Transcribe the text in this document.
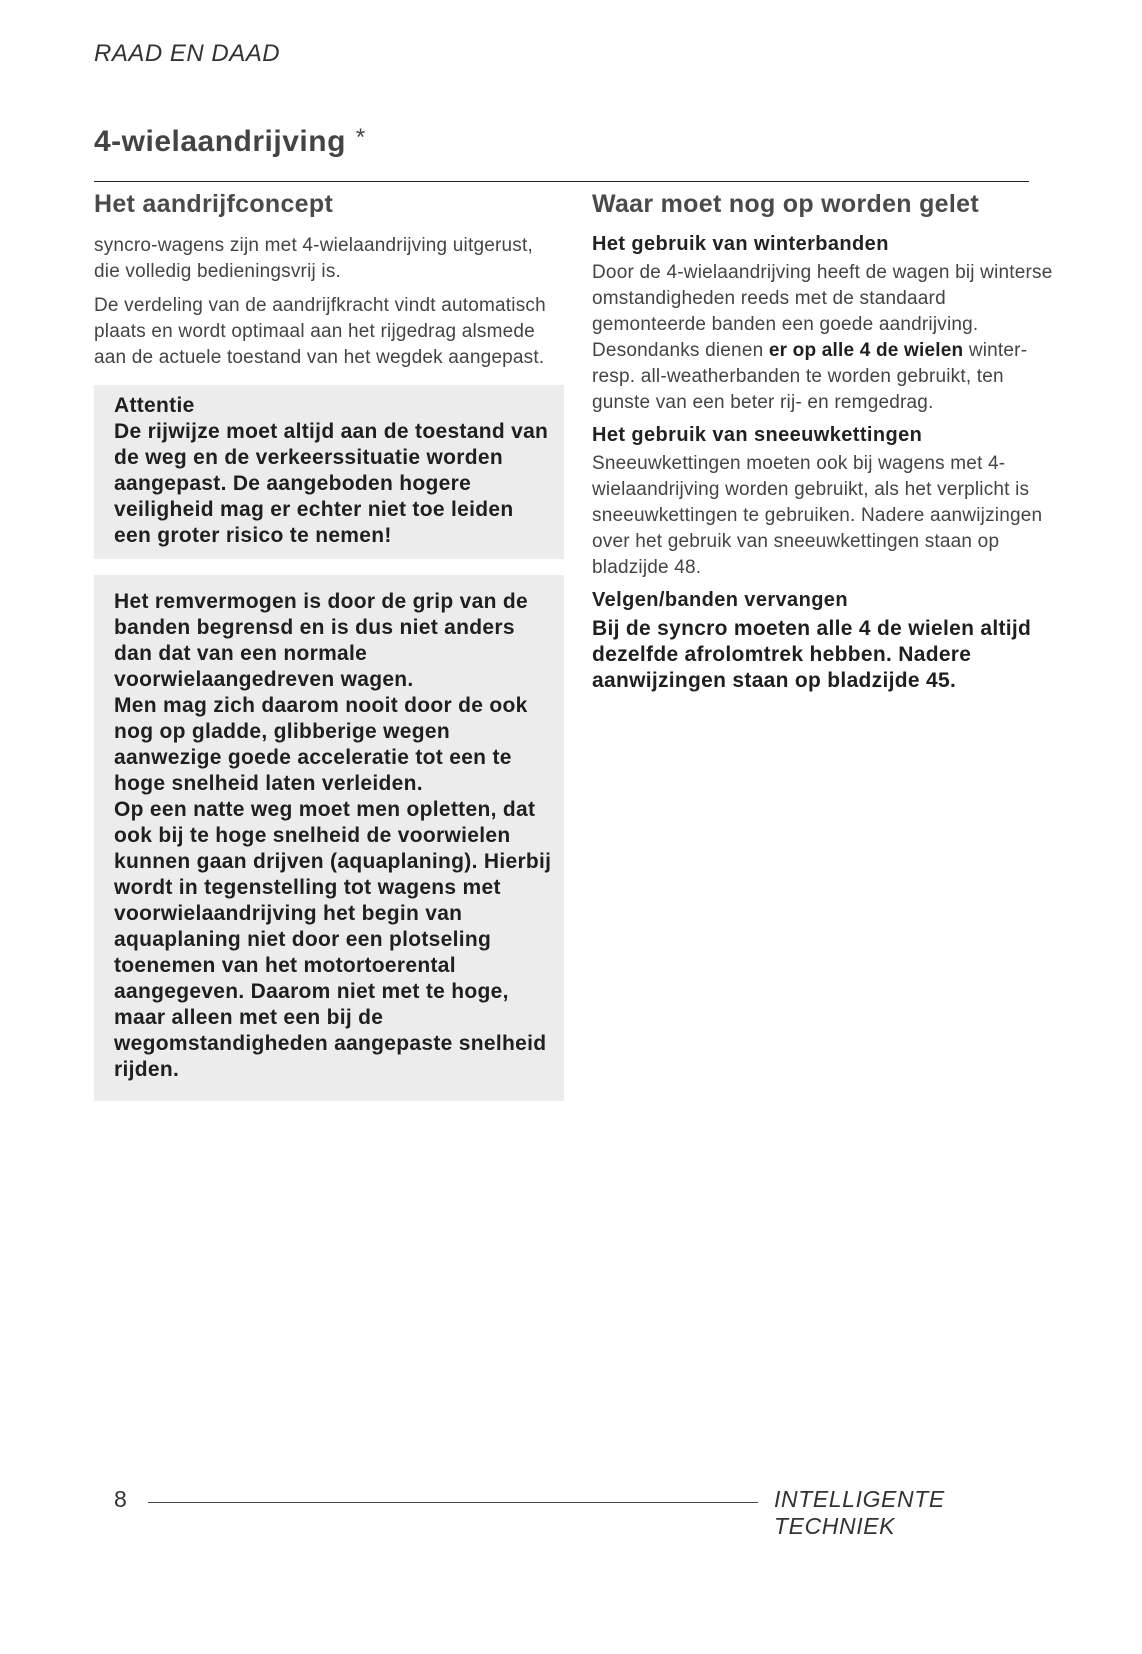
RAAD EN DAAD
4-wielaandrijving *
Het aandrijfconcept

syncro-wagens zijn met 4-wielaandrijving uitgerust, die volledig bedieningsvrij is.

De verdeling van de aandrijfkracht vindt automatisch plaats en wordt optimaal aan het rijgedrag alsmede aan de actuele toestand van het wegdek aangepast.

Attentie

De rijwijze moet altijd aan de toestand van de weg en de verkeerssituatie worden aangepast. De aangeboden hogere veiligheid mag er echter niet toe leiden een groter risico te nemen!

Het remvermogen is door de grip van de banden begrensd en is dus niet anders dan dat van een normale voorwielaangedreven wagen.

Men mag zich daarom nooit door de ook nog op gladde, glibberige wegen aanwezige goede acceleratie tot een te hoge snelheid laten verleiden.

Op een natte weg moet men opletten, dat ook bij te hoge snelheid de voorwielen kunnen gaan drijven (aquaplaning). Hierbij wordt in tegenstelling tot wagens met voorwielaandrijving het begin van aquaplaning niet door een plotseling toenemen van het motortoerental aangegeven. Daarom niet met te hoge, maar alleen met een bij de wegomstandigheden aangepaste snelheid rijden.

Waar moet nog op worden gelet
Het gebruik van winterbanden

Door de 4-wielaandrijving heeft de wagen bij winterse omstandigheden reeds met de standaard gemonteerde banden een goede aandrijving. Desondanks dienen er op alle 4 de wielen winter- resp. all-weatherbanden te worden gebruikt, ten gunste van een beter rij- en remgedrag.

Het gebruik van sneeuwkettingen

Sneeuwkettingen moeten ook bij wagens met 4-wielaandrijving worden gebruikt, als het verplicht is sneeuwkettingen te gebruiken. Nadere aanwijzingen over het gebruik van sneeuwkettingen staan op bladzijde 48.

Velgen/banden vervangen

Bij de syncro moeten alle 4 de wielen altijd dezelfde afrolomtrek hebben. Nadere aanwijzingen staan op bladzijde 45.

8	INTELLIGENTE TECHNIEK
